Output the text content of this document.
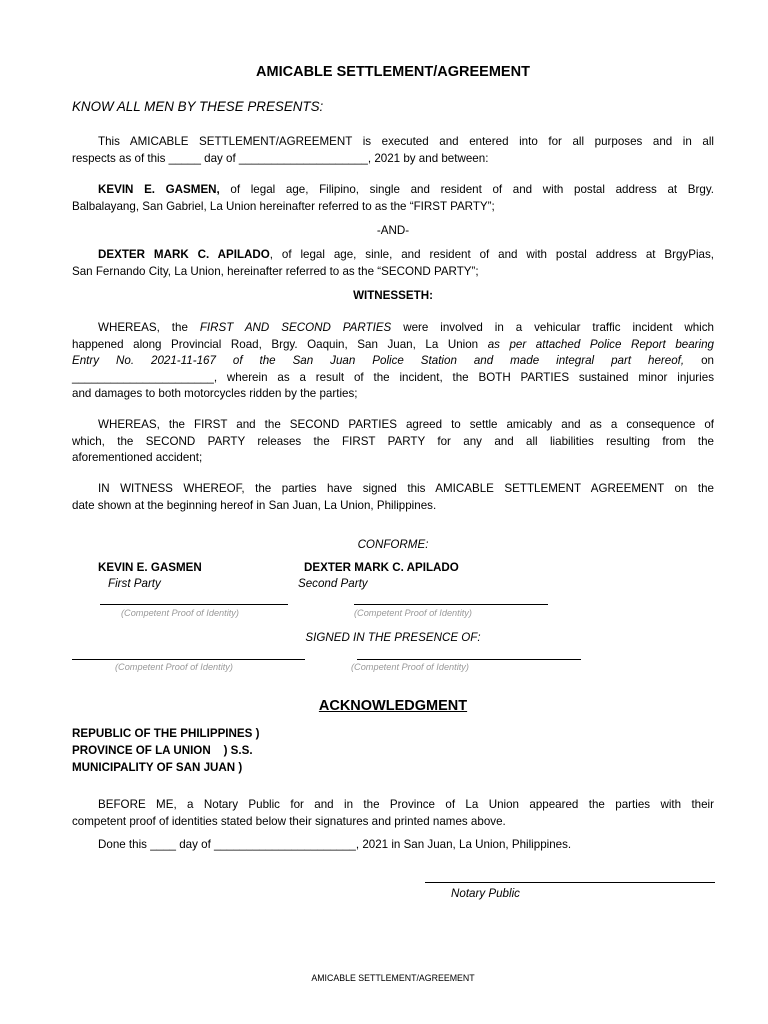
AMICABLE SETTLEMENT/AGREEMENT
KNOW ALL MEN BY THESE PRESENTS:
This AMICABLE SETTLEMENT/AGREEMENT is executed and entered into for all purposes and in all
respects as of this _____ day of ____________________, 2021 by and between:
KEVIN E. GASMEN, of legal age, Filipino, single and resident of and with postal address at Brgy.
Balbalayang, San Gabriel, La Union hereinafter referred to as the “FIRST PARTY”;
-AND-
DEXTER MARK C. APILADO, of legal age, sinle, and resident of and with postal address at BrgyPias,
San Fernando City, La Union, hereinafter referred to as the “SECOND PARTY”;
WITNESSETH:
WHEREAS, the FIRST AND SECOND PARTIES were involved in a vehicular traffic incident which
happened along Provincial Road, Brgy. Oaquin, San Juan, La Union as per attached Police Report bearing
Entry No. 2021-11-167 of the San Juan Police Station and made integral part hereof, on
______________________, wherein as a result of the incident, the BOTH PARTIES sustained minor injuries
and damages to both motorcycles ridden by the parties;
WHEREAS, the FIRST and the SECOND PARTIES agreed to settle amicably and as a consequence of
which, the SECOND PARTY releases the FIRST PARTY for any and all liabilities resulting from the
aforementioned accident;
IN WITNESS WHEREOF, the parties have signed this AMICABLE SETTLEMENT AGREEMENT on the
date shown at the beginning hereof in San Juan, La Union, Philippines.
CONFORME:
KEVIN E. GASMEN
First Party
DEXTER MARK C. APILADO
Second Party
(Competent Proof of Identity)	(Competent Proof of Identity)
SIGNED IN THE PRESENCE OF:
(Competent Proof of Identity)	(Competent Proof of Identity)
ACKNOWLEDGMENT
REPUBLIC OF THE PHILIPPINES )
PROVINCE OF LA UNION    ) S.S.
MUNICIPALITY OF SAN JUAN )
BEFORE ME, a Notary Public for and in the Province of La Union appeared the parties with their
competent proof of identities stated below their signatures and printed names above.
Done this ____ day of ______________________, 2021 in San Juan, La Union, Philippines.
Notary Public
AMICABLE SETTLEMENT/AGREEMENT
